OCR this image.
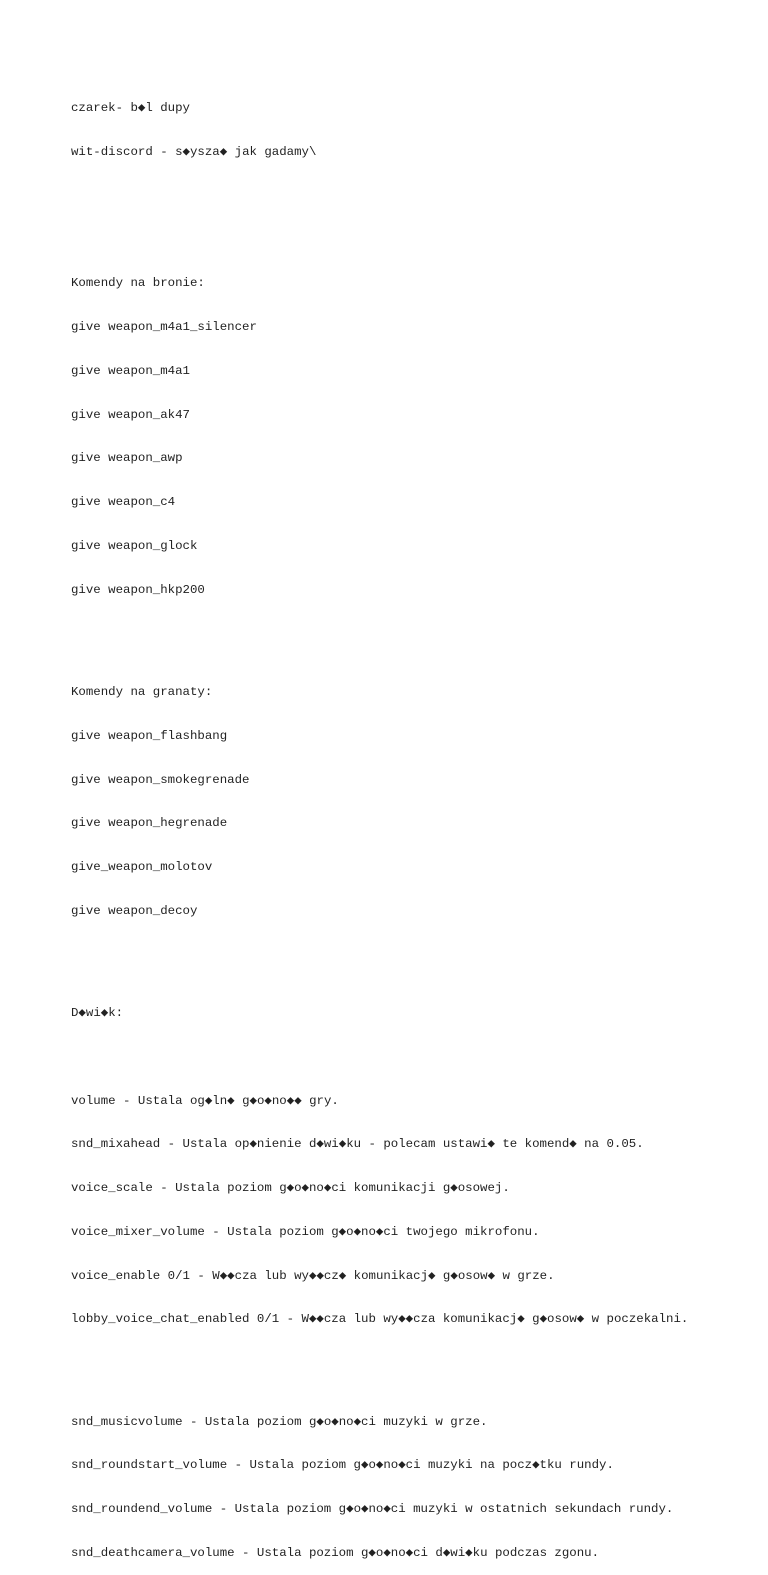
czarek- b◆l dupy

wit-discord - s◆ysza◆ jak gadamy\

Komendy na bronie:

give weapon_m4a1_silencer

give weapon_m4a1

give weapon_ak47

give weapon_awp

give weapon_c4

give weapon_glock

give weapon_hkp200

Komendy na granaty:

give weapon_flashbang

give weapon_smokegrenade

give weapon_hegrenade

give_weapon_molotov

give weapon_decoy

D◆wi◆k:

volume - Ustala og◆ln◆ g◆o◆no◆◆ gry.

snd_mixahead - Ustala op◆nienie d◆wi◆ku - polecam ustawi◆ te komend◆ na 0.05.

voice_scale - Ustala poziom g◆o◆no◆ci komunikacji g◆osowej.

voice_mixer_volume - Ustala poziom g◆o◆no◆ci twojego mikrofonu.

voice_enable 0/1 - W◆◆cza lub wy◆◆cz◆ komunikacj◆ g◆osow◆ w grze.

lobby_voice_chat_enabled 0/1 - W◆◆cza lub wy◆◆cza komunikacj◆ g◆osow◆ w poczekalni.

snd_musicvolume - Ustala poziom g◆o◆no◆ci muzyki w grze.

snd_roundstart_volume - Ustala poziom g◆o◆no◆ci muzyki na pocz◆tku rundy.

snd_roundend_volume - Ustala poziom g◆o◆no◆ci muzyki w ostatnich sekundach rundy.

snd_deathcamera_volume - Ustala poziom g◆o◆no◆ci d◆wi◆ku podczas zgonu.
